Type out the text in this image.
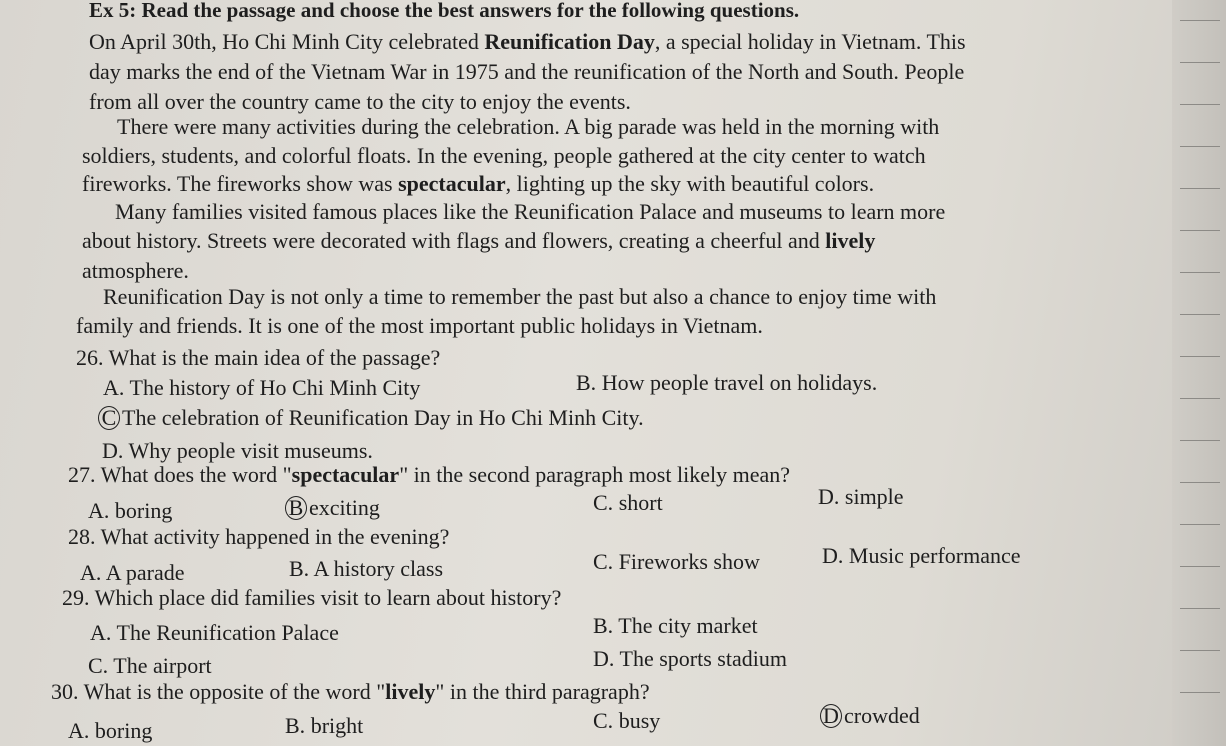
Ex 5: Read the passage and choose the best answers for the following questions.
On April 30th, Ho Chi Minh City celebrated Reunification Day, a special holiday in Vietnam. This
day marks the end of the Vietnam War in 1975 and the reunification of the North and South. People
from all over the country came to the city to enjoy the events.
There were many activities during the celebration. A big parade was held in the morning with
soldiers, students, and colorful floats. In the evening, people gathered at the city center to watch
fireworks. The fireworks show was spectacular, lighting up the sky with beautiful colors.
Many families visited famous places like the Reunification Palace and museums to learn more
about history. Streets were decorated with flags and flowers, creating a cheerful and lively
atmosphere.
Reunification Day is not only a time to remember the past but also a chance to enjoy time with
family and friends. It is one of the most important public holidays in Vietnam.
26. What is the main idea of the passage?
A. The history of Ho Chi Minh City	B. How people travel on holidays.
C The celebration of Reunification Day in Ho Chi Minh City.
D. Why people visit museums.
27. What does the word "spectacular" in the second paragraph most likely mean?
A. boring	B exciting	C. short	D. simple
28. What activity happened in the evening?
A. A parade	B. A history class	C. Fireworks show	D. Music performance
29. Which place did families visit to learn about history?
A. The Reunification Palace	B. The city market
C. The airport	D. The sports stadium
30. What is the opposite of the word "lively" in the third paragraph?
A. boring	B. bright	C. busy	D crowded
